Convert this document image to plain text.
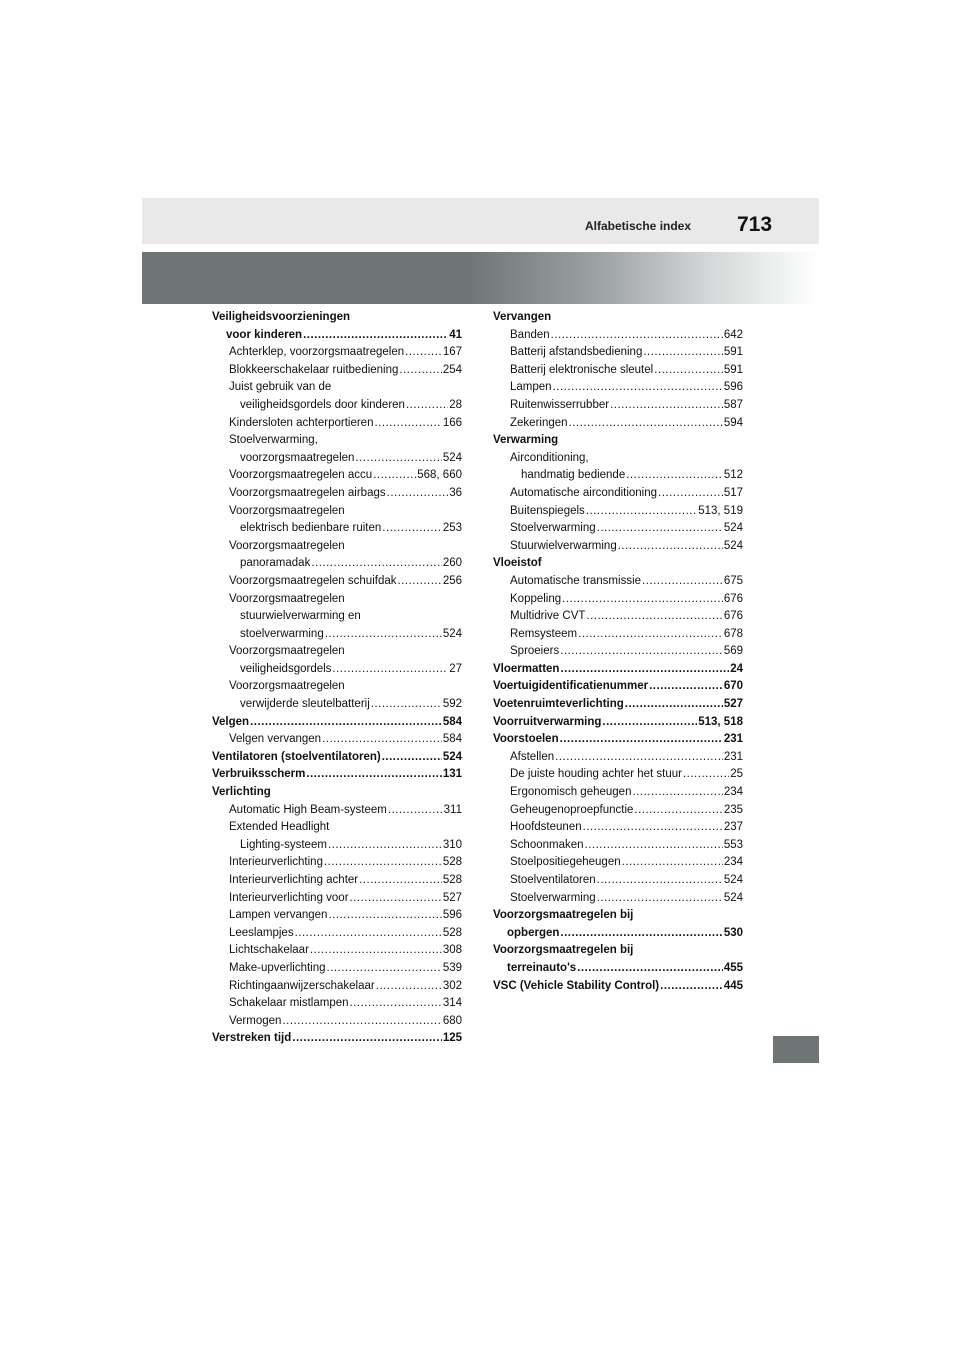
Alfabetische index 713
Veiligheidsvoorzieningen
voor kinderen .....	41
Achterklep, voorzorgsmaatregelen .....	167
Blokkeerschakelaar ruitbediening .....	254
Juist gebruik van de
veiligheidsgordels door kinderen .....	28
Kindersloten achterportieren .....	166
Stoelverwarming,
voorzorgsmaatregelen .....	524
Voorzorgsmaatregelen accu .....	568, 660
Voorzorgsmaatregelen airbags .....	36
Voorzorgsmaatregelen
elektrisch bedienbare ruiten .....	253
Voorzorgsmaatregelen
panoramadak .....	260
Voorzorgsmaatregelen schuifdak .....	256
Voorzorgsmaatregelen
stuurwielverwarming en
stoelverwarming .....	524
Voorzorgsmaatregelen
veiligheidsgordels .....	27
Voorzorgsmaatregelen
verwijderde sleutelbatterij .....	592
Velgen .....	584
Velgen vervangen .....	584
Ventilatoren (stoelventilatoren) .....	524
Verbruiksscherm .....	131
Verlichting
Automatic High Beam-systeem .....	311
Extended Headlight
Lighting-systeem .....	310
Interieurverlichting .....	528
Interieurverlichting achter .....	528
Interieurverlichting voor .....	527
Lampen vervangen .....	596
Leeslampjes .....	528
Lichtschakelaar .....	308
Make-upverlichting .....	539
Richtingaanwijzerschakelaar .....	302
Schakelaar mistlampen .....	314
Vermogen .....	680
Verstreken tijd .....	125
Vervangen
Banden .....	642
Batterij afstandsbediening .....	591
Batterij elektronische sleutel .....	591
Lampen .....	596
Ruitenwisserrubber .....	587
Zekeringen .....	594
Verwarming
Airconditioning,
handmatig bediende .....	512
Automatische airconditioning .....	517
Buitenspiegels .....	513, 519
Stoelverwarming .....	524
Stuurwielverwarming .....	524
Vloeistof
Automatische transmissie .....	675
Koppeling .....	676
Multidrive CVT .....	676
Remsysteem .....	678
Sproeiers .....	569
Vloermatten .....	24
Voertuigidentificatienummer .....	670
Voetenruimteverlichting .....	527
Voorruitverwarming .....	513, 518
Voorstoelen .....	231
Afstellen .....	231
De juiste houding achter het stuur .....	25
Ergonomisch geheugen .....	234
Geheugenoproepfunctie .....	235
Hoofdsteunen .....	237
Schoonmaken .....	553
Stoelpositiegeheugen .....	234
Stoelventilatoren .....	524
Stoelverwarming .....	524
Voorzorgsmaatregelen bij
opbergen .....	530
Voorzorgsmaatregelen bij
terreinauto's .....	455
VSC (Vehicle Stability Control) .....	445
